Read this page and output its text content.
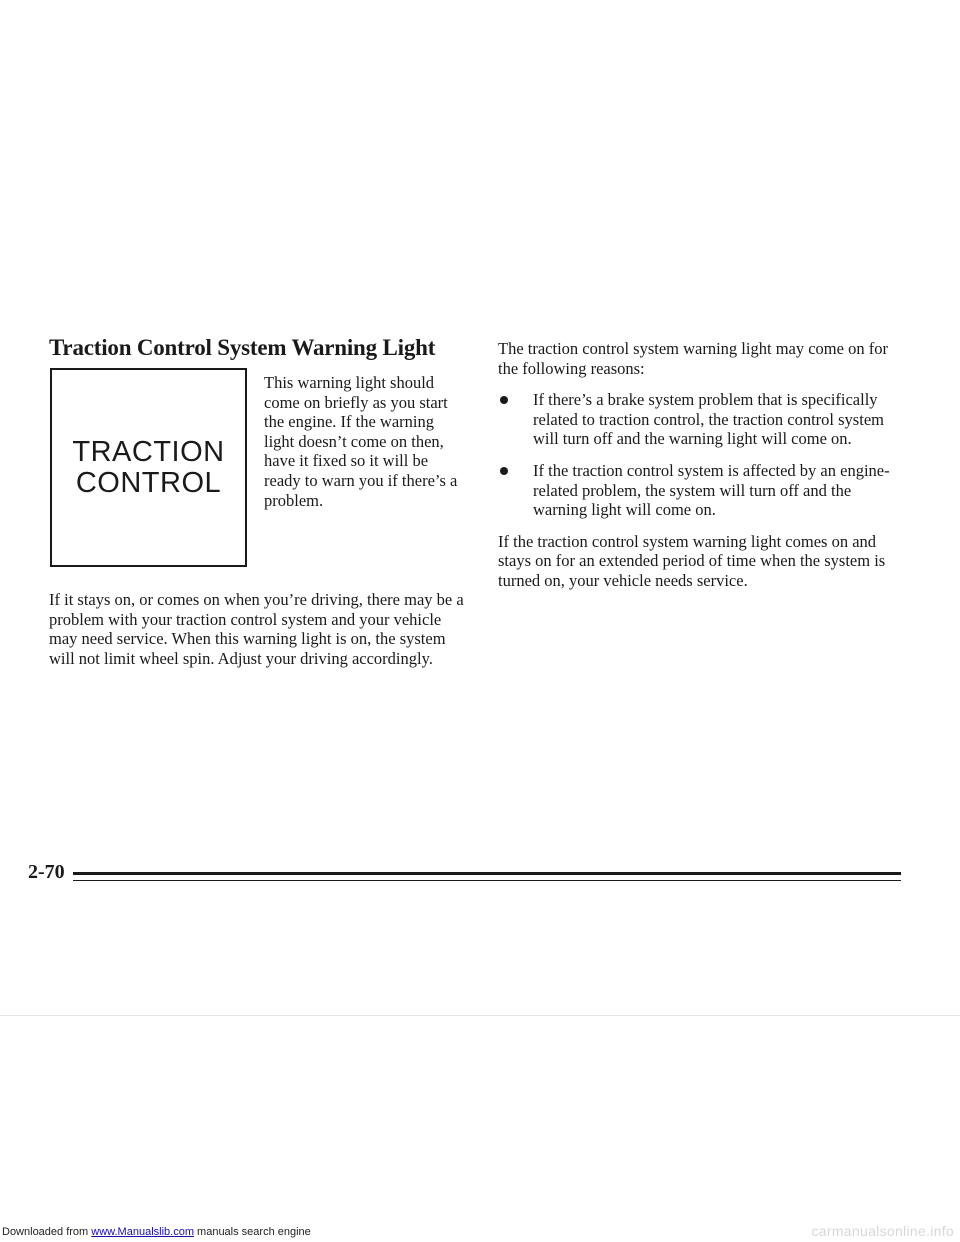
Traction Control System Warning Light
TRACTION
CONTROL
This warning light should come on briefly as you start the engine. If the warning light doesn’t come on then, have it fixed so it will be ready to warn you if there’s a problem.

If it stays on, or comes on when you’re driving, there may be a problem with your traction control system and your vehicle may need service. When this warning light is on, the system will not limit wheel spin. Adjust your driving accordingly.

The traction control system warning light may come on for the following reasons:

If there’s a brake system problem that is specifically related to traction control, the traction control system will turn off and the warning light will come on.
If the traction control system is affected by an engine-related problem, the system will turn off and the warning light will come on.

If the traction control system warning light comes on and stays on for an extended period of time when the system is turned on, your vehicle needs service.

2-70

Downloaded from www.Manualslib.com manuals search engine	carmanualsonline.info
